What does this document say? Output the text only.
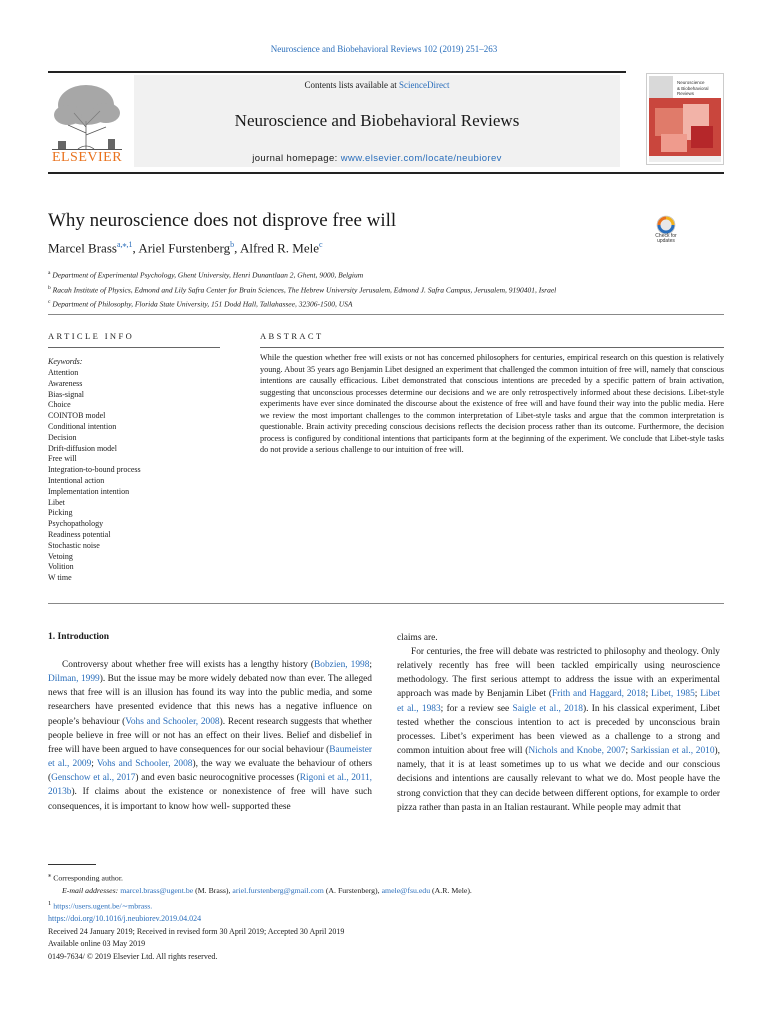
Neuroscience and Biobehavioral Reviews 102 (2019) 251–263
ELSEVIER
Contents lists available at ScienceDirect
Neuroscience and Biobehavioral Reviews
journal homepage: www.elsevier.com/locate/neubiorev
Neuroscience
& Biobehavioral
Reviews
Why neuroscience does not disprove free will
Marcel Brass$^{a,⁎,1}$, Ariel Furstenberg$^b$, Alfred R. Mele$^c$
Check for updates
$^a$ Department of Experimental Psychology, Ghent University, Henri Dunantlaan 2, Ghent, 9000, Belgium
$^b$ Racah Institute of Physics, Edmond and Lily Safra Center for Brain Sciences, The Hebrew University Jerusalem, Edmond J. Safra Campus, Jerusalem, 9190401, Israel
$^c$ Department of Philosophy, Florida State University, 151 Dodd Hall, Tallahassee, 32306-1500, USA
ARTICLE INFO	ABSTRACT
Keywords:
Attention
Awareness
Bias-signal
Choice
COINTOB model
Conditional intention
Decision
Drift-diffusion model
Free will
Integration-to-bound process
Intentional action
Implementation intention
Libet
Picking
Psychopathology
Readiness potential
Stochastic noise
Vetoing
Volition
W time
While the question whether free will exists or not has concerned philosophers for centuries, empirical research on this question is relatively young. About 35 years ago Benjamin Libet designed an experiment that challenged the common intuition of free will, namely that conscious intentions are causally efficacious. Libet demonstrated that conscious intentions are preceded by a specific pattern of brain activation, suggesting that unconscious processes determine our decisions and we are only retrospectively informed about these decisions. Libet-style experiments have ever since dominated the discourse about the existence of free will and have found their way into the public media. Here we review the most important challenges to the common interpretation of Libet-style tasks and argue that the common interpretation is questionable. Brain activity preceding conscious decisions reflects the decision process rather than its outcome. Furthermore, the decision process is configured by conditional intentions that participants form at the beginning of the experiment. We conclude that Libet-style tasks do not provide a serious challenge to our intuition of free will.
1. Introduction
Controversy about whether free will exists has a lengthy history (Bobzien, 1998; Dilman, 1999). But the issue may be more widely debated now than ever. The alleged news that free will is an illusion has found its way into the public media, and some researchers have presented evidence that this news has a negative influence on people’s behaviour (Vohs and Schooler, 2008). Recent research suggests that whether people believe in free will or not has an effect on their lives. Belief and disbelief in free will have been argued to have consequences for our social behaviour (Baumeister et al., 2009; Vohs and Schooler, 2008), the way we evaluate the behaviour of others (Genschow et al., 2017) and even basic neurocognitive processes (Rigoni et al., 2011, 2013b). If claims about the existence or nonexistence of free will have such consequences, it is important to know how well- supported these
claims are.
For centuries, the free will debate was restricted to philosophy and theology. Only relatively recently has free will been tackled empirically using neuroscience methodology. The first serious attempt to address the issue with an experimental approach was made by Benjamin Libet (Frith and Haggard, 2018; Libet, 1985; Libet et al., 1983; for a review see Saigle et al., 2018). In his classical experiment, Libet tested whether the conscious intention to act is preceded by unconscious brain processes. Libet’s experiment has been viewed as a challenge to a strong and common intuition about free will (Nichols and Knobe, 2007; Sarkissian et al., 2010), namely, that it is at least sometimes up to us what we decide and our conscious decisions and intentions are causally relevant to what we do. Most people have the strong conviction that they can decide between different options, for example to order pizza rather than pasta in an Italian restaurant. While people may admit that
⁎ Corresponding author.
E-mail addresses: marcel.brass@ugent.be (M. Brass), ariel.furstenberg@gmail.com (A. Furstenberg), amele@fsu.edu (A.R. Mele).
$^1$ https://users.ugent.be/∼mbrass.
https://doi.org/10.1016/j.neubiorev.2019.04.024
Received 24 January 2019; Received in revised form 30 April 2019; Accepted 30 April 2019
Available online 03 May 2019
0149-7634/ © 2019 Elsevier Ltd. All rights reserved.
